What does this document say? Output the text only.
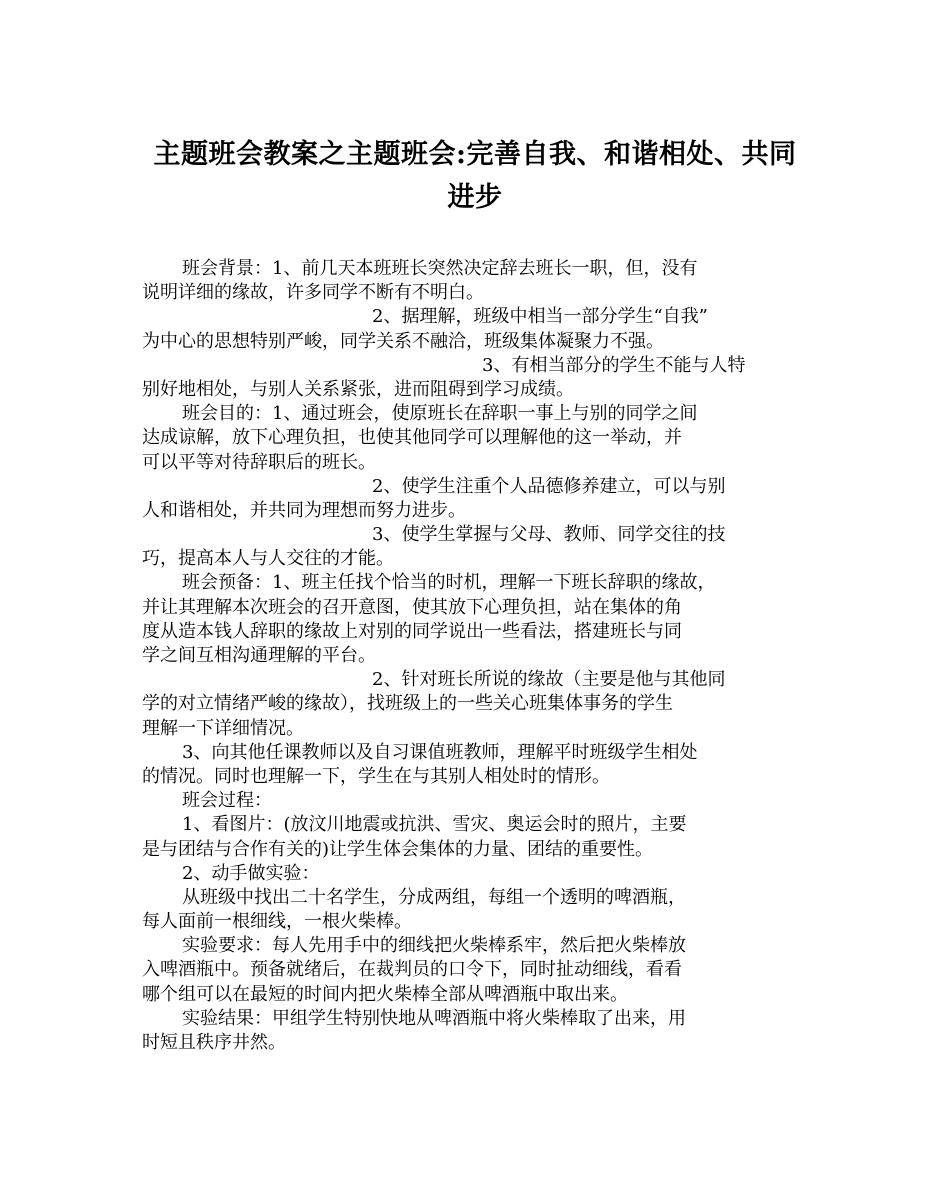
主题班会教案之主题班会:完善自我、和谐相处、共同
进步
班会背景：1、前几天本班班长突然决定辞去班长一职，但，没有
说明详细的缘故，许多同学不断有不明白。
2、据理解，班级中相当一部分学生“自我”
为中心的思想特别严峻，同学关系不融洽，班级集体凝聚力不强。
3、有相当部分的学生不能与人特
别好地相处，与别人关系紧张，进而阻碍到学习成绩。
班会目的：1、通过班会，使原班长在辞职一事上与别的同学之间
达成谅解，放下心理负担，也使其他同学可以理解他的这一举动，并
可以平等对待辞职后的班长。
2、使学生注重个人品德修养建立，可以与别
人和谐相处，并共同为理想而努力进步。
3、使学生掌握与父母、教师、同学交往的技
巧，提高本人与人交往的才能。
班会预备：1、班主任找个恰当的时机，理解一下班长辞职的缘故，
并让其理解本次班会的召开意图，使其放下心理负担，站在集体的角
度从造本钱人辞职的缘故上对别的同学说出一些看法，搭建班长与同
学之间互相沟通理解的平台。
2、针对班长所说的缘故（主要是他与其他同
学的对立情绪严峻的缘故），找班级上的一些关心班集体事务的学生
理解一下详细情况。
3、向其他任课教师以及自习课值班教师，理解平时班级学生相处
的情况。同时也理解一下，学生在与其别人相处时的情形。
班会过程：
1、看图片：(放汶川地震或抗洪、雪灾、奥运会时的照片，主要
是与团结与合作有关的)让学生体会集体的力量、团结的重要性。
2、动手做实验：
从班级中找出二十名学生，分成两组，每组一个透明的啤酒瓶，
每人面前一根细线，一根火柴棒。
实验要求：每人先用手中的细线把火柴棒系牢，然后把火柴棒放
入啤酒瓶中。预备就绪后，在裁判员的口令下，同时扯动细线，看看
哪个组可以在最短的时间内把火柴棒全部从啤酒瓶中取出来。
实验结果：甲组学生特别快地从啤酒瓶中将火柴棒取了出来，用
时短且秩序井然。
